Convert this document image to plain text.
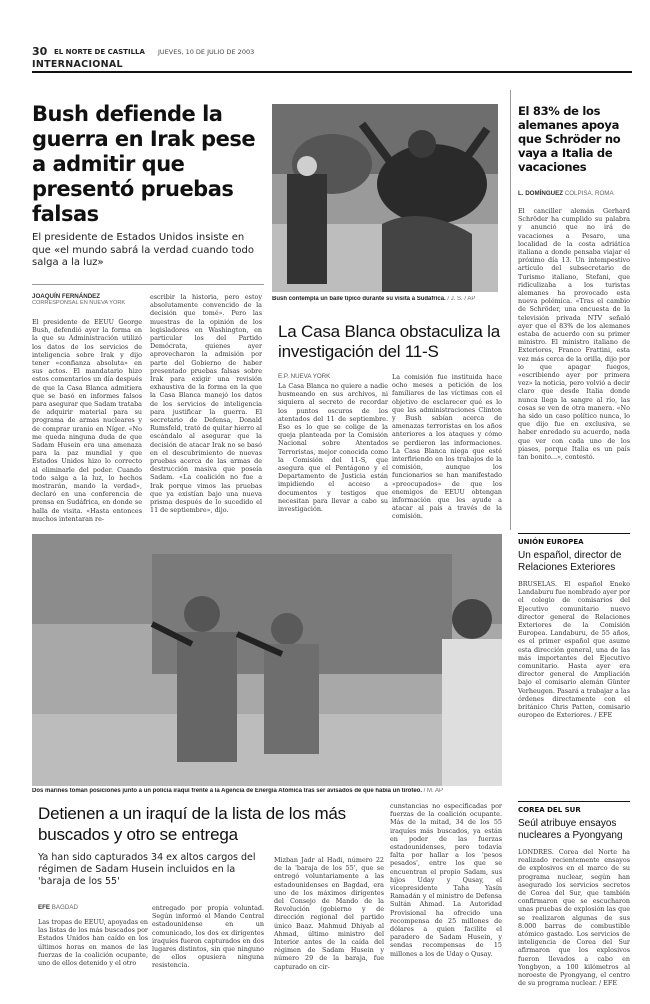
30 EL NORTE DE CASTILLA JUEVES, 10 DE JULIO DE 2003
INTERNACIONAL
Bush defiende la guerra en Irak pese a admitir que presentó pruebas falsas
El presidente de Estados Unidos insiste en que «el mundo sabrá la verdad cuando todo salga a la luz»
JOAQUÍN FERNÁNDEZ
CORRESPONSAL EN NUEVA YORK
El presidente de EEUU George Bush, defendió ayer la forma en la que su Administración utilizó los datos de los servicios de inteligencia sobre Irak y dijo tener «confianza absoluta» en sus actos. El mandatario hizo estos comentarios un día después de que la Casa Blanca admitiera que se basó en informes falsos para asegurar que Sadam trataba de adquirir material para su programa de armas nucleares y de comprar uranio en Níger. «No me queda ninguna duda de que Sadam Husein era una amenaza para la paz mundial y que Estados Unidos hizo lo correcto al eliminarle del poder. Cuando todo salga a la luz, lo hechos mostrarán, mando la verdad», declaró en una conferencia de prensa en Sudáfrica, en donde se halla de visita. «Hasta entonces muchos intentaran re-
escribir la historia, pero estoy absolutamente convencido de la decisión que tomé». Pero las muestras de la opinión de los legisladores en Washington, en particular los del Partido Demócrata, quienes ayer aprovecharon la admisión por parte del Gobierno de haber presentado pruebas falsas sobre Irak para exigir una revisión exhaustiva de la forma en la que la Casa Blanca manejó los datos de los servicios de inteligencia para justificar la guerra. El secretario de Defensa, Donald Rumsfeld, trató de quitar hierro al escándalo al asegurar que la decisión de atacar Irak no se basó en el descubrimiento de nuevas pruebas acerca de las armas de destrucción masiva que poseía Sadam. «La coalición no fue a Irak porque vimos las pruebas que ya existían bajo una nueva prisma después de lo sucedido el 11 de septiembre», dijo.
Bush contempla un baile típico durante su visita a Sudáfrica. / J. S. / AP
La Casa Blanca obstaculiza la investigación del 11-S
E.P. NUEVA YORK
La Casa Blanca no quiere a nadie husmeando en sus archivos, ni siquiera al secreto de recordar los puntos oscuros de los atentados del 11 de septiembre. Eso es lo que se colige de la queja planteada por la Comisión Nacional sobre Atentados Terroristas, mejor conocida como la Comisión del 11-S, que asegura que el Pentágono y el Departamento de Justicia están impidiendo el acceso a documentos y testigos que necesitan para llevar a cabo su investigación.
La comisión fue instituida hace ocho meses a petición de los familiares de las víctimas con el objetivo de esclarecer qué es lo que las administraciones Clinton y Bush sabían acerca de amenazas terroristas en los años anteriores a los ataques y cómo se perdieron las informaciones. La Casa Blanca niega que esté interfiriendo en los trabajos de la comisión, aunque los funcionarios se han manifestado «preocupados» de que los enemigos de EEUU obtengan información que les ayude a atacar al país a través de la comisión.
El 83% de los alemanes apoya que Schröder no vaya a Italia de vacaciones
L. DOMÍNGUEZ COLPISA. ROMA
El canciller alemán Gerhard Schröder ha cumplido su palabra y anunció que no irá de vacaciones a Pesaro, una localidad de la costa adriática italiana a donde pensaba viajar el próximo día 13. Un intempestivo artículo del subsecretario de Turismo italiano, Stefani, que ridiculizaba a los turistas alemanes ha provocado esta nueva polémica. «Tras el cambio de Schröder, una encuesta de la televisión privada NTV señaló ayer que el 83% de los alemanes estaba de acuerdo con su primer ministro. El ministro italiano de Exteriores, Franco Frattini, esta vez más cerca de la orilla, dijo por lo que apagar fuegos, «escribiendo ayer por primera vez» la noticia, pero volvió a decir claro que desde Italia donde nunca llega la sangre al río, las cosas se ven de otra manera. «No ha sido un caso político nunca, lo que dijo fue en exclusiva, se haber enredado su acuerdo, nada que ver con cada uno de los piases, porque Italia es un país tan bonito...», contestó.
UNIÓN EUROPEA
Un español, director de Relaciones Exteriores
BRUSELAS. El español Eneko Landaburu fue nombrado ayer por el colegio de comisarios del Ejecutivo comunitario nuevo director general de Relaciones Exteriores de la Comisión Europea. Landaburu, de 55 años, es el primer español que asume esta dirección general, una de las más importantes del Ejecutivo comunitario. Hasta ayer era director general de Ampliación bajo el comisario alemán Günter Verheugen. Pasará a trabajar a las órdenes directamente con el británico Chris Patten, comisario europeo de Exteriores. / EFE
Dos marines toman posiciones junto a un policía iraquí frente a la Agencia de Energía Atómica tras ser avisados de que había un tiroteo. / M. AP
Detienen a un iraquí de la lista de los más buscados y otro se entrega
Ya han sido capturados 34 ex altos cargos del régimen de Sadam Husein incluidos en la 'baraja de los 55'
EFE BAGDAD
Las tropas de EEUU, apoyadas en las listas de los más buscados por Estados Unidos han caído en los últimos horas en manos de las fuerzas de la coalición ocupante, uno de ellos detenido y el otro
entregado por propia voluntad. Según informó el Mando Central estadounidense en un comunicado, los dos ex dirigentes iraquíes fueron capturados en dos lugares distintos, sin que ninguno de ellos opusiera ninguna resistencia.
Mizban Jadr al Hadi, número 22 de la 'baraja de los 55', que se entregó voluntariamente a las estadounidenses en Bagdad, era uno de los máximos dirigentes del Consejo de Mando de la Revolución (gobierno y de dirección regional del partido único Baaz. Mahmud Dhiyab al Ahmad, último ministro del Interior antes de la caída del régimen de Sadam Husein y número 29 de la baraja, fue capturado en cir-
cunstancias no especificadas por fuerzas de la coalición ocupante. Más de la mitad, 34 de los 55 iraquíes más buscados, ya están en poder de las fuerzas estadounidenses, pero todavía falta por hallar a los 'pesos pesados', entre los que se encuentran el propio Sadam, sus hijos Uday y Qusay, el vicepresidente Taha Yasín Ramadán y el ministro de Defensa Sultán Ahmad. La Autoridad Provisional ha ofrecido una recompensa de 25 millones de dólares a quien facilite el paradero de Sadam Husein, y sendas recompensas de 15 millones a los de Uday o Qusay.
COREA DEL SUR
Seúl atribuye ensayos nucleares a Pyongyang
LONDRES. Corea del Norte ha realizado recientemente ensayos de explosivos en el marco de su programa nuclear, según han asegurado los servicios secretos de Corea del Sur, que también confirmaron que se escucharon unas pruebas de explosión las que se realizaron algunas de sus 8.000 barras de combustible atómico gastado. Los servicios de inteligencia de Corea del Sur afirmaron que los explosivos fueron llevados a cabo en Yongbyon, a 100 kilómetros al noroeste de Pyongyang, el centro de su programa nuclear. / EFE
